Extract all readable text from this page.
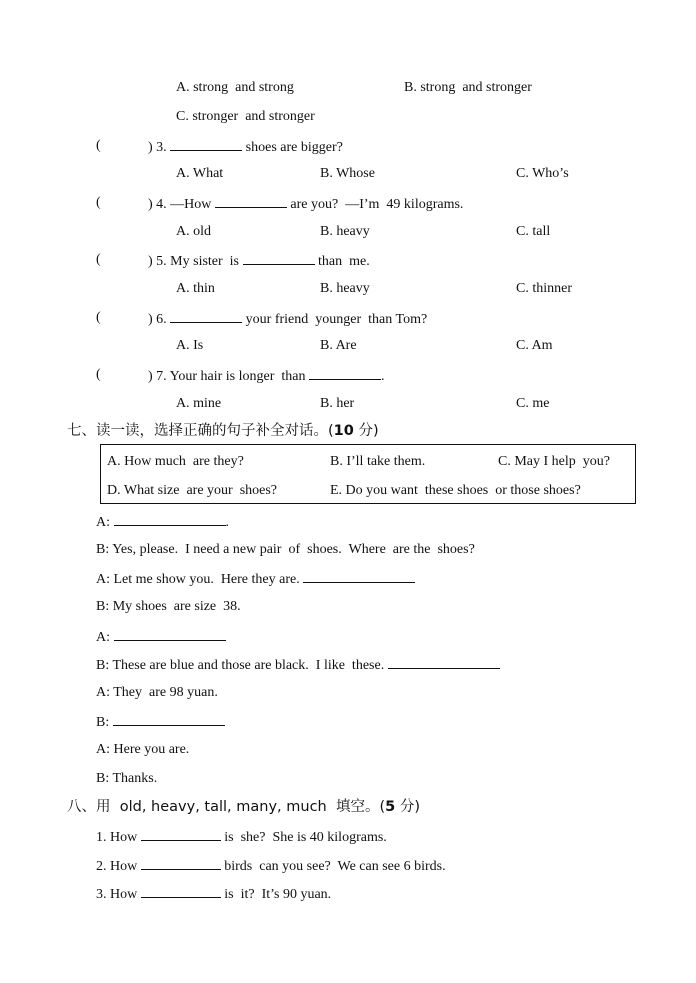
A. strong  and strong	B. strong  and stronger
C. stronger  and stronger
(	) 3.	shoes are bigger?
A. What	B. Whose	C. Who’s
(	) 4. —How	are you?  —I’m  49 kilograms.
A. old	B. heavy	C. tall
(	) 5. My sister  is	than  me.
A. thin	B. heavy	C. thinner
(	) 6.	your friend  younger  than Tom?
A. Is	B. Are	C. Am
(	) 7. Your hair is longer  than	.
A. mine	B. her	C. me
七、读一读，选择正确的句子补全对话。(10 分)
A. How much  are they?	B. I’ll take them.	C. May I help  you?
D. What size  are your  shoes?	E. Do you want  these shoes  or those shoes?
A:	.
B: Yes, please.  I need a new pair  of  shoes.  Where  are the  shoes?
A: Let me show you.  Here they are.
B: My shoes  are size  38.
A:
B: These are blue and those are black.  I like  these.
A: They  are 98 yuan.
B:
A: Here you are.
B: Thanks.
八、用  old, heavy, tall, many, much  填空。(5 分)
1. How	is  she?  She is 40 kilograms.
2. How	birds  can you see?  We can see 6 birds.
3. How	is  it?  It’s 90 yuan.
